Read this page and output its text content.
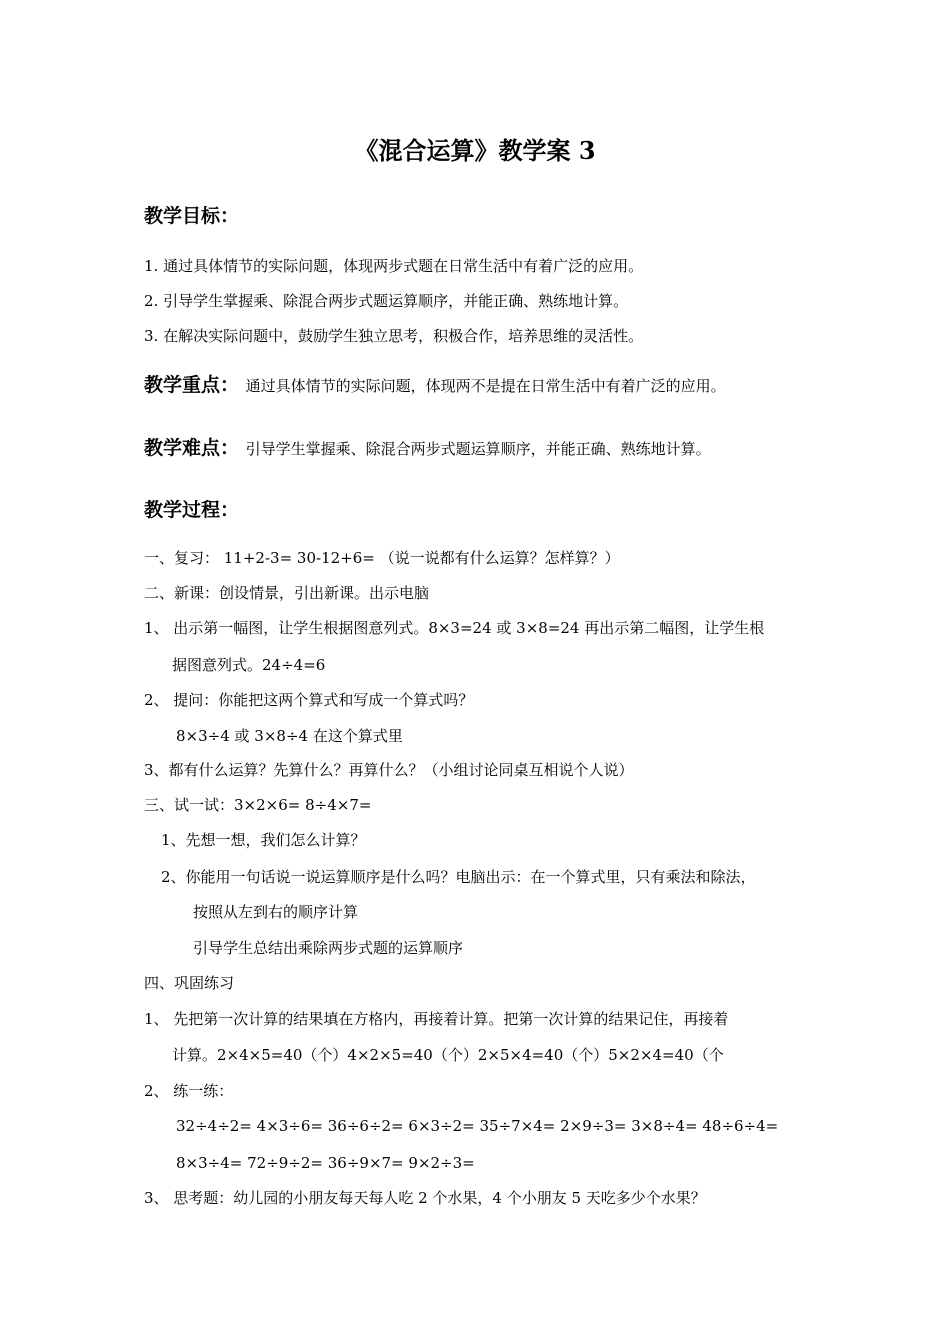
《混合运算》教学案 3
教学目标：
1. 通过具体情节的实际问题，体现两步式题在日常生活中有着广泛的应用。
2. 引导学生掌握乘、除混合两步式题运算顺序，并能正确、熟练地计算。
3. 在解决实际问题中，鼓励学生独立思考，积极合作，培养思维的灵活性。
教学重点： 通过具体情节的实际问题，体现两不是提在日常生活中有着广泛的应用。
教学难点： 引导学生掌握乘、除混合两步式题运算顺序，并能正确、熟练地计算。
教学过程：
一、复习： 11+2-3= 30-12+6= （说一说都有什么运算？怎样算？）
二、新课：创设情景，引出新课。出示电脑
1、 出示第一幅图，让学生根据图意列式。8×3=24 或 3×8=24 再出示第二幅图，让学生根
据图意列式。24÷4=6
2、 提问：你能把这两个算式和写成一个算式吗？
8×3÷4 或 3×8÷4 在这个算式里
3、都有什么运算？先算什么？再算什么？（小组讨论同桌互相说个人说）
三、试一试：3×2×6= 8÷4×7=
1、先想一想，我们怎么计算？
2、你能用一句话说一说运算顺序是什么吗？电脑出示：在一个算式里，只有乘法和除法，
按照从左到右的顺序计算
引导学生总结出乘除两步式题的运算顺序
四、巩固练习
1、 先把第一次计算的结果填在方格内，再接着计算。把第一次计算的结果记住，再接着
计算。2×4×5=40（个）4×2×5=40（个）2×5×4=40（个）5×2×4=40（个
2、 练一练：
32÷4÷2= 4×3÷6= 36÷6÷2= 6×3÷2= 35÷7×4= 2×9÷3= 3×8÷4= 48÷6÷4=
8×3÷4= 72÷9÷2= 36÷9×7= 9×2÷3=
3、 思考题：幼儿园的小朋友每天每人吃 2 个水果，4 个小朋友 5 天吃多少个水果？
